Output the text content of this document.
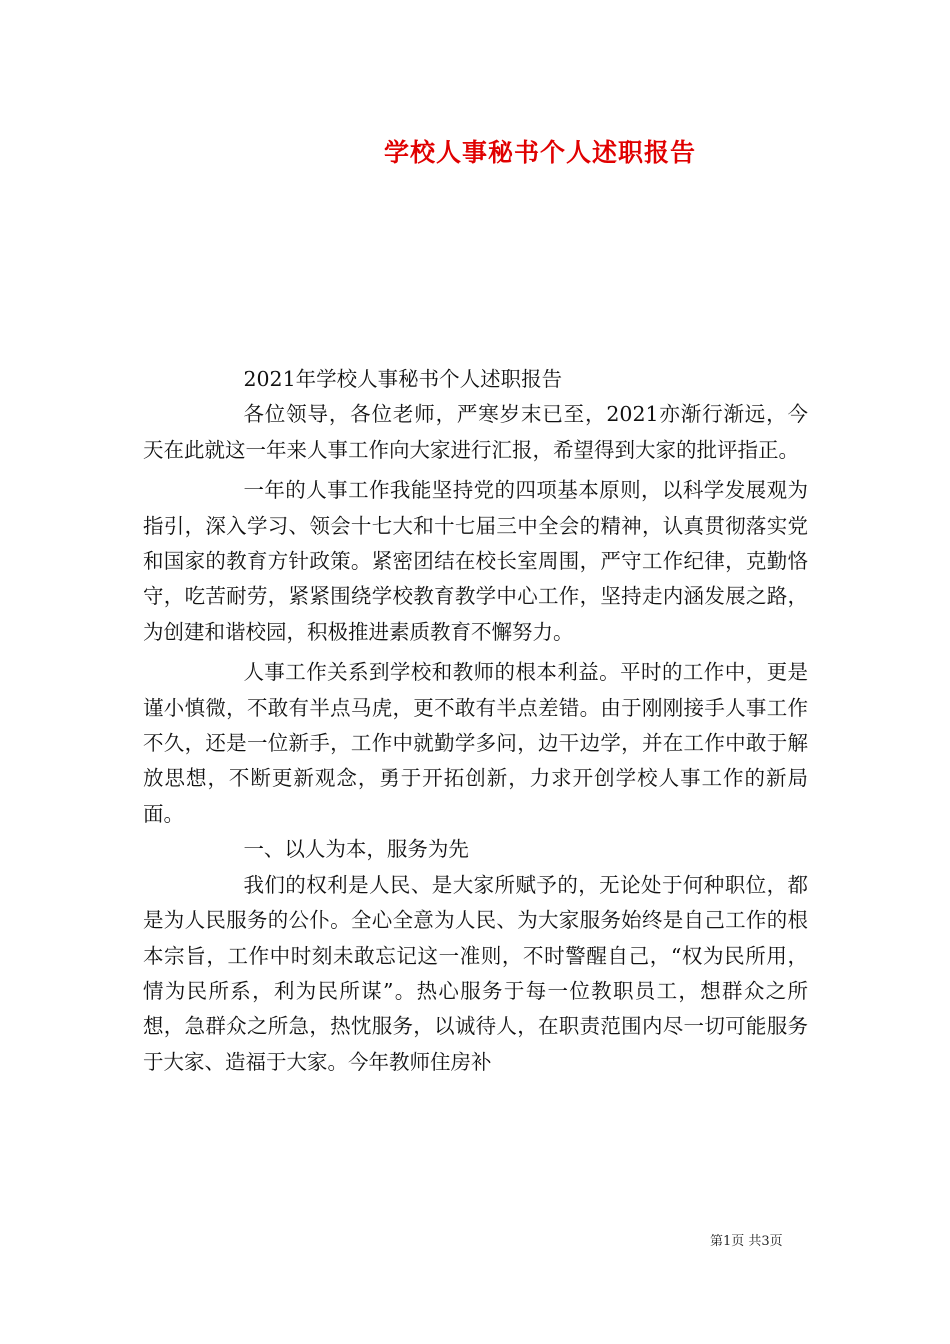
学校人事秘书个人述职报告

2021年学校人事秘书个人述职报告

各位领导，各位老师，严寒岁末已至，2021亦渐行渐远，今天在此就这一年来人事工作向大家进行汇报，希望得到大家的批评指正。

一年的人事工作我能坚持党的四项基本原则，以科学发展观为指引，深入学习、领会十七大和十七届三中全会的精神，认真贯彻落实党和国家的教育方针政策。紧密团结在校长室周围，严守工作纪律，克勤恪守，吃苦耐劳，紧紧围绕学校教育教学中心工作，坚持走内涵发展之路，为创建和谐校园，积极推进素质教育不懈努力。

人事工作关系到学校和教师的根本利益。平时的工作中，更是谨小慎微，不敢有半点马虎，更不敢有半点差错。由于刚刚接手人事工作不久，还是一位新手，工作中就勤学多问，边干边学，并在工作中敢于解放思想，不断更新观念，勇于开拓创新，力求开创学校人事工作的新局面。

一、以人为本，服务为先

我们的权利是人民、是大家所赋予的，无论处于何种职位，都是为人民服务的公仆。全心全意为人民、为大家服务始终是自己工作的根本宗旨，工作中时刻未敢忘记这一准则，不时警醒自己，“权为民所用，情为民所系，利为民所谋”。热心服务于每一位教职员工，想群众之所想，急群众之所急，热忱服务，以诚待人，在职责范围内尽一切可能服务于大家、造福于大家。今年教师住房补

第1页 共3页
